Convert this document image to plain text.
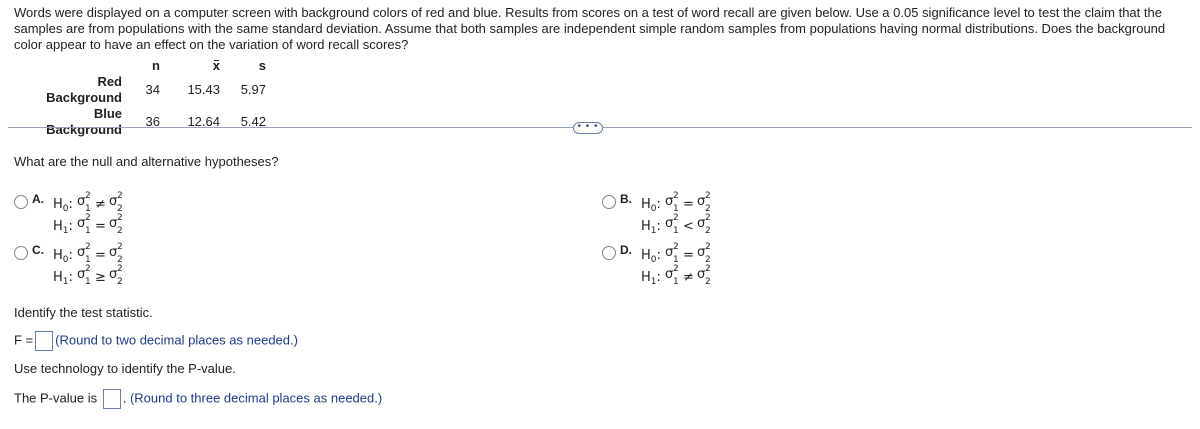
Words were displayed on a computer screen with background colors of red and blue. Results from scores on a test of word recall are given below. Use a 0.05 significance level to test the claim that the samples are from populations with the same standard deviation. Assume that both samples are independent simple random samples from populations having normal distributions. Does the background color appear to have an effect on the variation of word recall scores?
	n	x	s
Red Background	34	15.43	5.97
Blue Background	36	12.64	5.42	• • •
What are the null and alternative hypotheses?
A. $H_0$: σ 2
1 ≠ σ 2
2
$H_1$: σ 2
1 = σ 2
2
B. $H_0$: σ 2
1 = σ 2
2
$H_1$: σ 2
1 < σ 2
2
C. $H_0$: σ 2
1 = σ 2
2
$H_1$: σ 2
1 ≥ σ 2
2
D. $H_0$: σ 2
1 = σ 2
2
$H_1$: σ 2
1 ≠ σ 2
2
Identify the test statistic.
F = (Round to two decimal places as needed.)
Use technology to identify the P-value.
The P-value is . (Round to three decimal places as needed.)
